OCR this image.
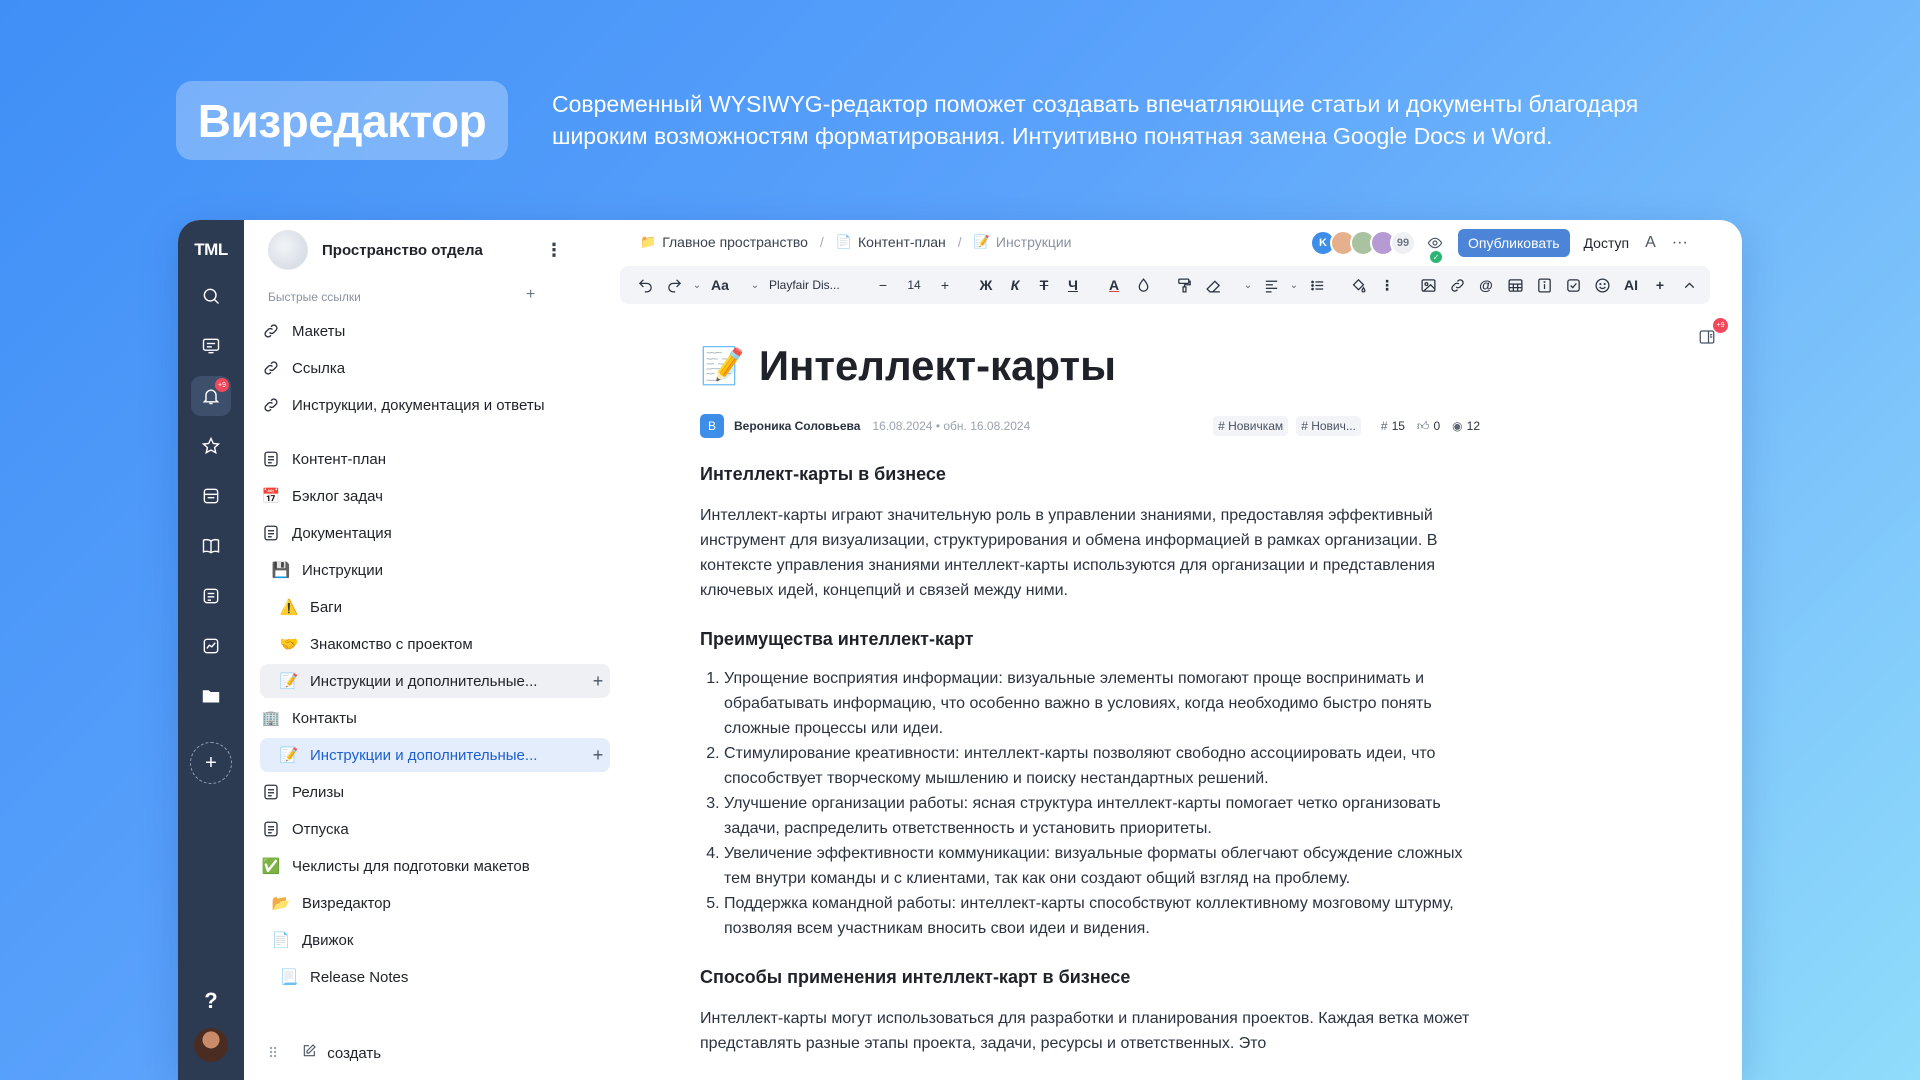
Визредактор	Современный WYSIWYG-редактор поможет создавать впечатляющие статьи и документы благодаря широким возможностям форматирования. Интуитивно понятная замена Google Docs и Word.
TML
+9
+
?
Пространство отдела	⋮
Быстрые ссылки	+
Макеты
Ссылка
Инструкции, документация и ответы
Контент-план
📅 Бэклог задач
Документация
💾 Инструкции
⚠️ Баги
🤝 Знакомство с проектом
📝 Инструкции и дополнительные...	+
🏢 Контакты
📝 Инструкции и дополнительные...	+
Релизы
Отпуска
✅ Чеклисты для подготовки макетов
📂 Визредактор
📄 Движок
📃 Release Notes
⠿	создать
📁 Главное пространство / 📄 Контент-план / 📝 Инструкции	K	99
✓
Опубликовать	Доступ A ···
⌄ Aa	⌄ Playfair Dis...	−	14	+	Ж	К	Т	Ч	A	⌄	⌄	⋮	@	AI	+
+9
📝 Интеллект-карты
В	Вероника Соловьева 16.08.2024 • обн. 16.08.2024	# Новичкам	# Нович...	# 15 👍︎ 0 ◉ 12
Интеллект-карты в бизнесе
Интеллект-карты играют значительную роль в управлении знаниями, предоставляя эффективный инструмент для визуализации, структурирования и обмена информацией в рамках организации. В контексте управления знаниями интеллект-карты используются для организации и представления ключевых идей, концепций и связей между ними.
Преимущества интеллект-карт
1. Упрощение восприятия информации: визуальные элементы помогают проще воспринимать и обрабатывать информацию, что особенно важно в условиях, когда необходимо быстро понять сложные процессы или идеи.
2. Стимулирование креативности: интеллект-карты позволяют свободно ассоциировать идеи, что способствует творческому мышлению и поиску нестандартных решений.
3. Улучшение организации работы: ясная структура интеллект-карты помогает четко организовать задачи, распределить ответственность и установить приоритеты.
4. Увеличение эффективности коммуникации: визуальные форматы облегчают обсуждение сложных тем внутри команды и с клиентами, так как они создают общий взгляд на проблему.
5. Поддержка командной работы: интеллект-карты способствуют коллективному мозговому штурму, позволяя всем участникам вносить свои идеи и видения.
Способы применения интеллект-карт в бизнесе
Интеллект-карты могут использоваться для разработки и планирования проектов. Каждая ветка может представлять разные этапы проекта, задачи, ресурсы и ответственных. Это
